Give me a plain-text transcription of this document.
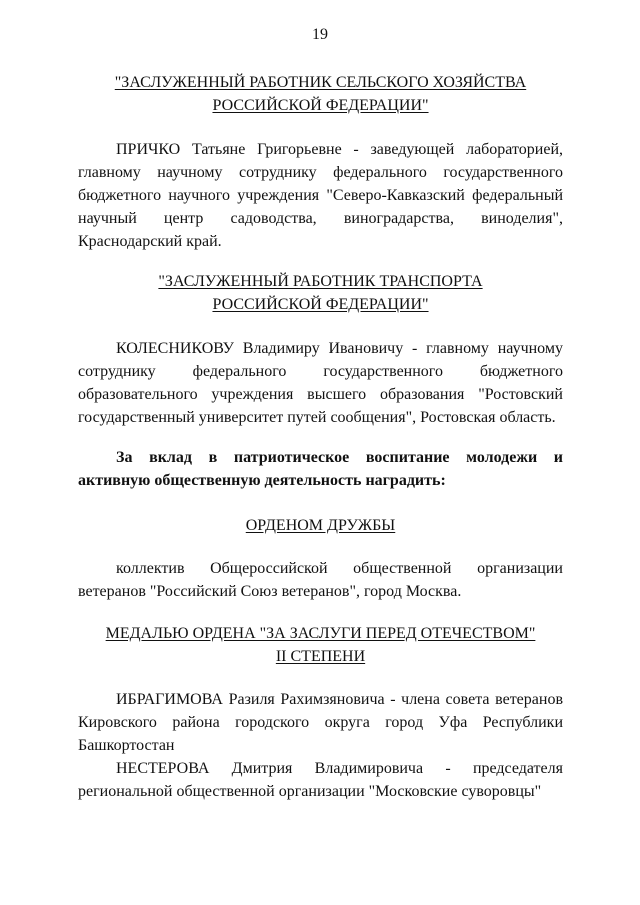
19
"ЗАСЛУЖЕННЫЙ РАБОТНИК СЕЛЬСКОГО ХОЗЯЙСТВА
РОССИЙСКОЙ ФЕДЕРАЦИИ"

ПРИЧКО Татьяне Григорьевне - заведующей лабораторией, главному научному сотруднику федерального государственного бюджетного научного учреждения "Северо-Кавказский федеральный научный центр садоводства, виноградарства, виноделия", Краснодарский край.

"ЗАСЛУЖЕННЫЙ РАБОТНИК ТРАНСПОРТА
РОССИЙСКОЙ ФЕДЕРАЦИИ"

КОЛЕСНИКОВУ Владимиру Ивановичу - главному научному сотруднику федерального государственного бюджетного образовательного учреждения высшего образования "Ростовский государственный университет путей сообщения", Ростовская область.

За вклад в патриотическое воспитание молодежи и активную общественную деятельность наградить:

ОРДЕНОМ ДРУЖБЫ

коллектив Общероссийской общественной организации ветеранов "Российский Союз ветеранов", город Москва.

МЕДАЛЬЮ ОРДЕНА "ЗА ЗАСЛУГИ ПЕРЕД ОТЕЧЕСТВОМ"
II СТЕПЕНИ

ИБРАГИМОВА Разиля Рахимзяновича - члена совета ветеранов Кировского района городского округа город Уфа Республики Башкортостан

НЕСТЕРОВА Дмитрия Владимировича - председателя региональной общественной организации "Московские суворовцы"
